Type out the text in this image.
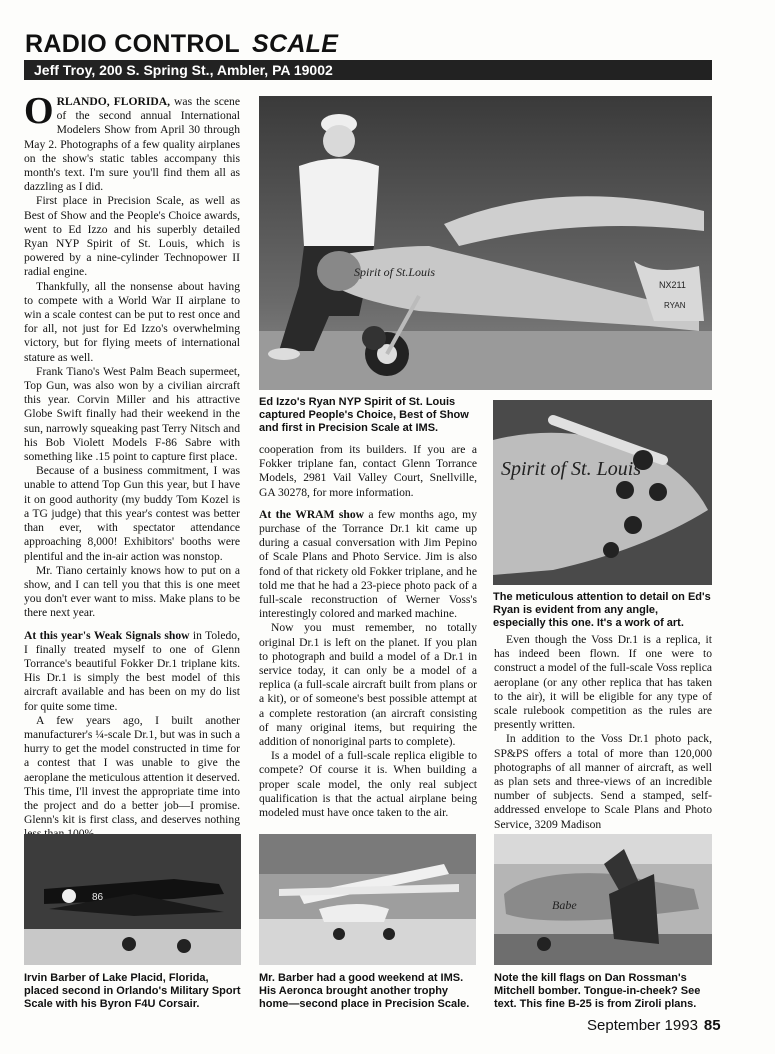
RADIO CONTROL SCALE
Jeff Troy, 200 S. Spring St., Ambler, PA 19002

ORLANDO, FLORIDA, was the scene of the second annual International Modelers Show from April 30 through May 2. Photographs of a few quality airplanes on the show's static tables accompany this month's text. I'm sure you'll find them all as dazzling as I did.

First place in Precision Scale, as well as Best of Show and the People's Choice awards, went to Ed Izzo and his superbly detailed Ryan NYP Spirit of St. Louis, which is powered by a nine-cylinder Technopower II radial engine.

Thankfully, all the nonsense about having to compete with a World War II airplane to win a scale contest can be put to rest once and for all, not just for Ed Izzo's overwhelming victory, but for flying meets of international stature as well.

Frank Tiano's West Palm Beach supermeet, Top Gun, was also won by a civilian aircraft this year. Corvin Miller and his attractive Globe Swift finally had their weekend in the sun, narrowly squeaking past Terry Nitsch and his Bob Violett Models F-86 Sabre with something like .15 point to capture first place.

Because of a business commitment, I was unable to attend Top Gun this year, but I have it on good authority (my buddy Tom Kozel is a TG judge) that this year's contest was better than ever, with spectator attendance approaching 8,000! Exhibitors' booths were plentiful and the in-air action was nonstop.

Mr. Tiano certainly knows how to put on a show, and I can tell you that this is one meet you don't ever want to miss. Make plans to be there next year.

At this year's Weak Signals show in Toledo, I finally treated myself to one of Glenn Torrance's beautiful Fokker Dr.1 triplane kits. His Dr.1 is simply the best model of this aircraft available and has been on my do list for quite some time.

A few years ago, I built another manufacturer's ¼-scale Dr.1, but was in such a hurry to get the model constructed in time for a contest that I was unable to give the aeroplane the meticulous attention it deserved. This time, I'll invest the appropriate time into the project and do a better job—I promise. Glenn's kit is first class, and deserves nothing

Spirit of St.Louis
NX211
RYAN
Ed Izzo's Ryan NYP Spirit of St. Louis captured People's Choice, Best of Show and first in Precision Scale at IMS.
Spirit of St. Louis
The meticulous attention to detail on Ed's Ryan is evident from any angle, especially this one. It's a work of art.

cooperation from its builders. If you are a Fokker triplane fan, contact Glenn Torrance Models, 2981 Vail Valley Court, Snellville, GA 30278, for more information.

At the WRAM show a few months ago, my purchase of the Torrance Dr.1 kit came up during a casual conversation with Jim Pepino of Scale Plans and Photo Service. Jim is also fond of that rickety old Fokker triplane, and he told me that he had a 23-piece photo pack of a full-scale reconstruction of Werner Voss's interestingly colored and marked machine.

Now you must remember, no totally original Dr.1 is left on the planet. If you plan to photograph and build a model of a Dr.1 in service today, it can only be a model of a replica (a full-scale aircraft built from plans or a kit), or of someone's best possible attempt at a complete restoration (an aircraft consisting of many original items, but requiring the addition of nonoriginal parts to complete).

Is a model of a full-scale replica eligible to compete? Of course it is. When building a proper scale model, the only real subject qualification is that the actual airplane being modeled must have once taken to the air.

Even though the Voss Dr.1 is a replica, it has indeed been flown. If one were to construct a model of the full-scale Voss replica aeroplane (or any other replica that has taken to the air), it will be eligible for any type of scale rulebook competition as the rules are presently written.

In addition to the Voss Dr.1 photo pack, SP&PS offers a total of more than 120,000 photographs of all manner of aircraft, as well as plan sets and three-views of an incredible number of subjects. Send a stamped, self-addressed envelope to Scale Plans and Photo Service, 3209 Madison

86
Irvin Barber of Lake Placid, Florida, placed second in Orlando's Military Sport Scale with his Byron F4U Corsair.
Mr. Barber had a good weekend at IMS. His Aeronca brought another trophy home—second place in Precision Scale.
Babe
Note the kill flags on Dan Rossman's Mitchell bomber. Tongue-in-cheek? See text. This fine B-25 is from Ziroli plans.
September 1993 85
